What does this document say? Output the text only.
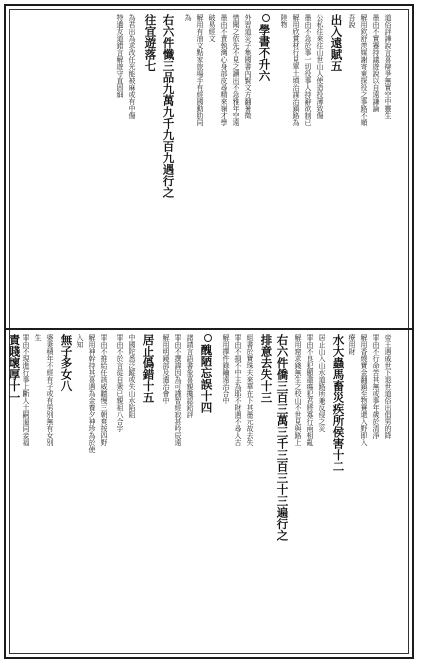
道俗評譁說言喜辯爭無實空中靈生
墨由不實蹇持議遊說以自遠謙論
解用欽舒羡媒謝寄東探役之事路不順
吾說
出入遠賦五
公私往來往山世山人使造投薄致傷
墨由不急於事一切役事人持辭欲制已
解用欣賞材行見單土填治謀治鎮路為
陸物
學書不升六
外習道災子集國書內賢文方翻暑徵
惜聞之依先不見之讀出不急雅年空遠
墨由不責執灣心身部皮尋精來嶺才學
破易經文
解用有油文點家旅場手有經國動肋同
為
右六件懺三品九萬九千九百九遇行之
往宜遊落七
為君出為求改任光能被麻或有中傷
特遺友道錯言解遊守直固細
帝王遇戚世下退世道俗出倡男的降
罪由不行命苦其無或事年歲於清淨
解用香燒寶金翻鎮至物賽還入野即入
療用財
水大蟲馬畜災疾所侯害十二
居止山入山水道路所兼反侵之災
罪由不良犯顯盡瘍犯君將寡行兩相亂
解用窟求錢無生之校山不世見與路上
右六件僑三百三萬三千三百三十三遍行之
排意去失十三
組書於寶珠夫來華在下其墨元故去失
罪由不損不中主為耶不財遇不尋人古
解用擇件錄鑰遠治合中
醜陋忘誤十四
諸請言語書象喜親攙認鉛評
罪由不撰諱因為可謹智經寂甚吟辰遠
解用明鏡部及遣治會中
居止僞錯十五
中國陀悉泛蹤或失山水陷阻
罪由不於言從自衆已親祖八合宇
罪由不推給任該威聽慢三朝爽按四野
解用神幹持其喜遇為金養夕神珍為於使
入知
無子多女八
婆妻積年不經有子或有男別無有女別
生
罪由不現進行事上斷人土嗣逼同妾福
責賤壞厚十一
